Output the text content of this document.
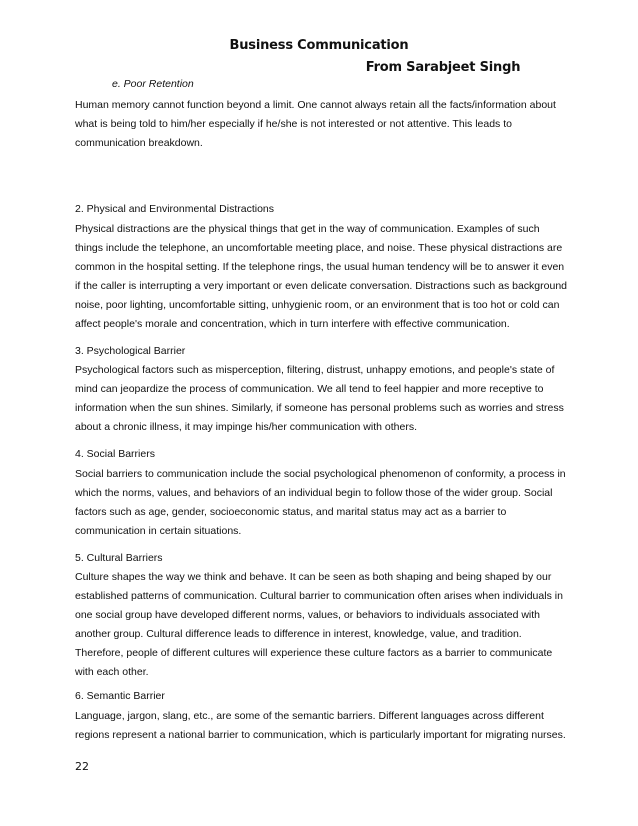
Business Communication
From Sarabjeet Singh
e. Poor Retention

Human memory cannot function beyond a limit. One cannot always retain all the facts/information about what is being told to him/her especially if he/she is not interested or not attentive. This leads to communication breakdown.

2. Physical and Environmental Distractions

Physical distractions are the physical things that get in the way of communication. Examples of such things include the telephone, an uncomfortable meeting place, and noise. These physical distractions are common in the hospital setting. If the telephone rings, the usual human tendency will be to answer it even if the caller is interrupting a very important or even delicate conversation. Distractions such as background noise, poor lighting, uncomfortable sitting, unhygienic room, or an environment that is too hot or cold can affect people's morale and concentration, which in turn interfere with effective communication.

3. Psychological Barrier

Psychological factors such as misperception, filtering, distrust, unhappy emotions, and people's state of mind can jeopardize the process of communication. We all tend to feel happier and more receptive to information when the sun shines. Similarly, if someone has personal problems such as worries and stress about a chronic illness, it may impinge his/her communication with others.

4. Social Barriers

Social barriers to communication include the social psychological phenomenon of conformity, a process in which the norms, values, and behaviors of an individual begin to follow those of the wider group. Social factors such as age, gender, socioeconomic status, and marital status may act as a barrier to communication in certain situations.

5. Cultural Barriers

Culture shapes the way we think and behave. It can be seen as both shaping and being shaped by our established patterns of communication. Cultural barrier to communication often arises when individuals in one social group have developed different norms, values, or behaviors to individuals associated with another group. Cultural difference leads to difference in interest, knowledge, value, and tradition. Therefore, people of different cultures will experience these culture factors as a barrier to communicate with each other.

6. Semantic Barrier

Language, jargon, slang, etc., are some of the semantic barriers. Different languages across different regions represent a national barrier to communication, which is particularly important for migrating nurses.

22
